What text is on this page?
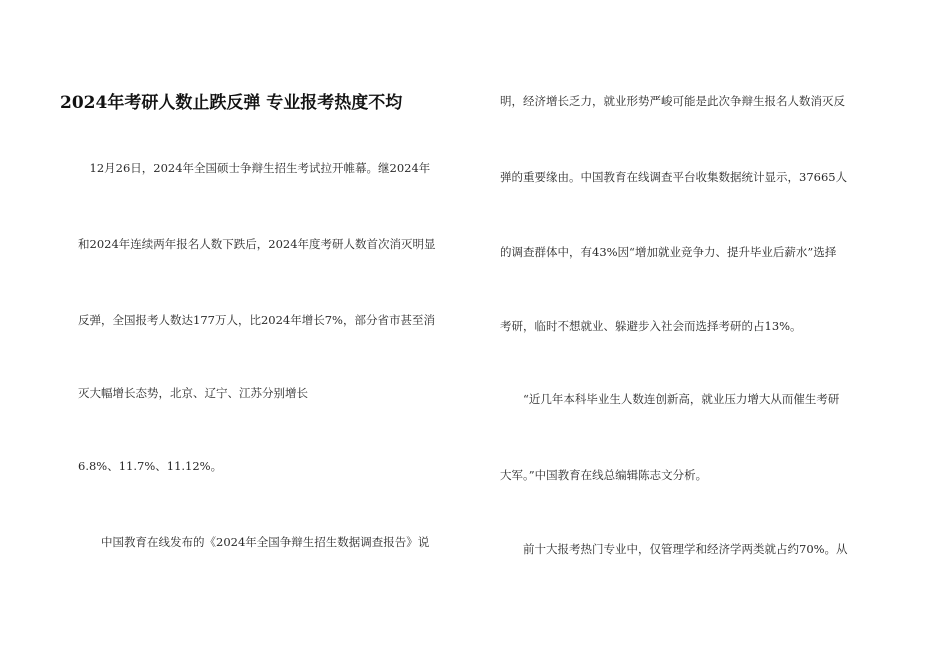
2024年考研人数止跌反弹 专业报考热度不均
　12月26日，2024年全国硕士争辩生招生考试拉开帷幕。继2024年
和2024年连续两年报名人数下跌后，2024年度考研人数首次消灭明显
反弹，全国报考人数达177万人，比2024年增长7%，部分省市甚至消
灭大幅增长态势，北京、辽宁、江苏分别增长
6.8%、11.7%、11.12%。
　　中国教育在线发布的《2024年全国争辩生招生数据调查报告》说
明，经济增长乏力，就业形势严峻可能是此次争辩生报名人数消灭反
弹的重要缘由。中国教育在线调查平台收集数据统计显示，37665人
的调查群体中，有43%因“增加就业竞争力、提升毕业后薪水”选择
考研，临时不想就业、躲避步入社会而选择考研的占13%。
　　“近几年本科毕业生人数连创新高，就业压力增大从而催生考研
大军。”中国教育在线总编辑陈志文分析。
　　前十大报考热门专业中，仅管理学和经济学两类就占约70%。从
